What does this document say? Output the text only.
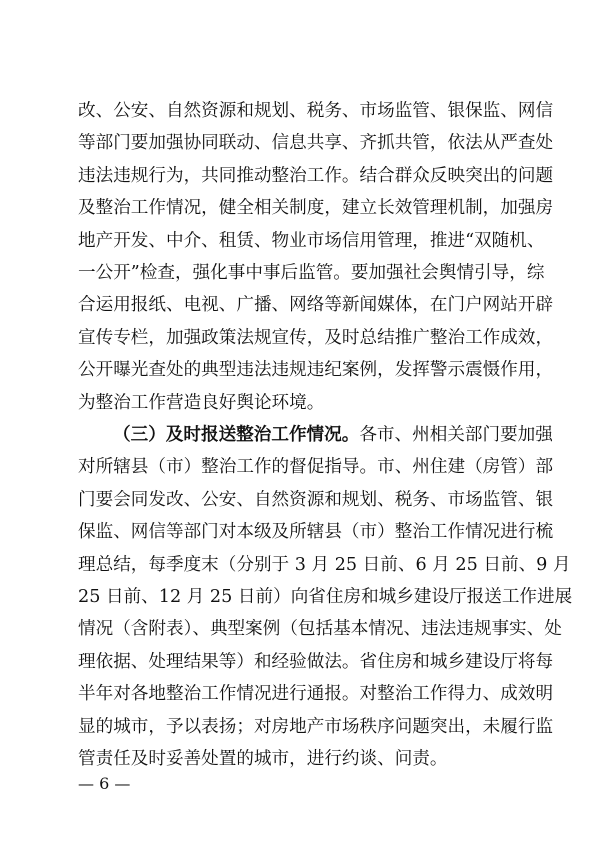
改、公安、自然资源和规划、税务、市场监管、银保监、网信
等部门要加强协同联动、信息共享、齐抓共管，依法从严查处
违法违规行为，共同推动整治工作。结合群众反映突出的问题
及整治工作情况，健全相关制度，建立长效管理机制，加强房
地产开发、中介、租赁、物业市场信用管理，推进“双随机、
一公开”检查，强化事中事后监管。要加强社会舆情引导，综
合运用报纸、电视、广播、网络等新闻媒体，在门户网站开辟
宣传专栏，加强政策法规宣传，及时总结推广整治工作成效，
公开曝光查处的典型违法违规违纪案例，发挥警示震慑作用，
为整治工作营造良好舆论环境。
（三）及时报送整治工作情况。各市、州相关部门要加强
对所辖县（市）整治工作的督促指导。市、州住建（房管）部
门要会同发改、公安、自然资源和规划、税务、市场监管、银
保监、网信等部门对本级及所辖县（市）整治工作情况进行梳
理总结，每季度末（分别于 3 月 25 日前、6 月 25 日前、9 月
25 日前、12 月 25 日前）向省住房和城乡建设厅报送工作进展
情况（含附表）、典型案例（包括基本情况、违法违规事实、处
理依据、处理结果等）和经验做法。省住房和城乡建设厅将每
半年对各地整治工作情况进行通报。对整治工作得力、成效明
显的城市，予以表扬；对房地产市场秩序问题突出，未履行监
管责任及时妥善处置的城市，进行约谈、问责。
— 6 —
